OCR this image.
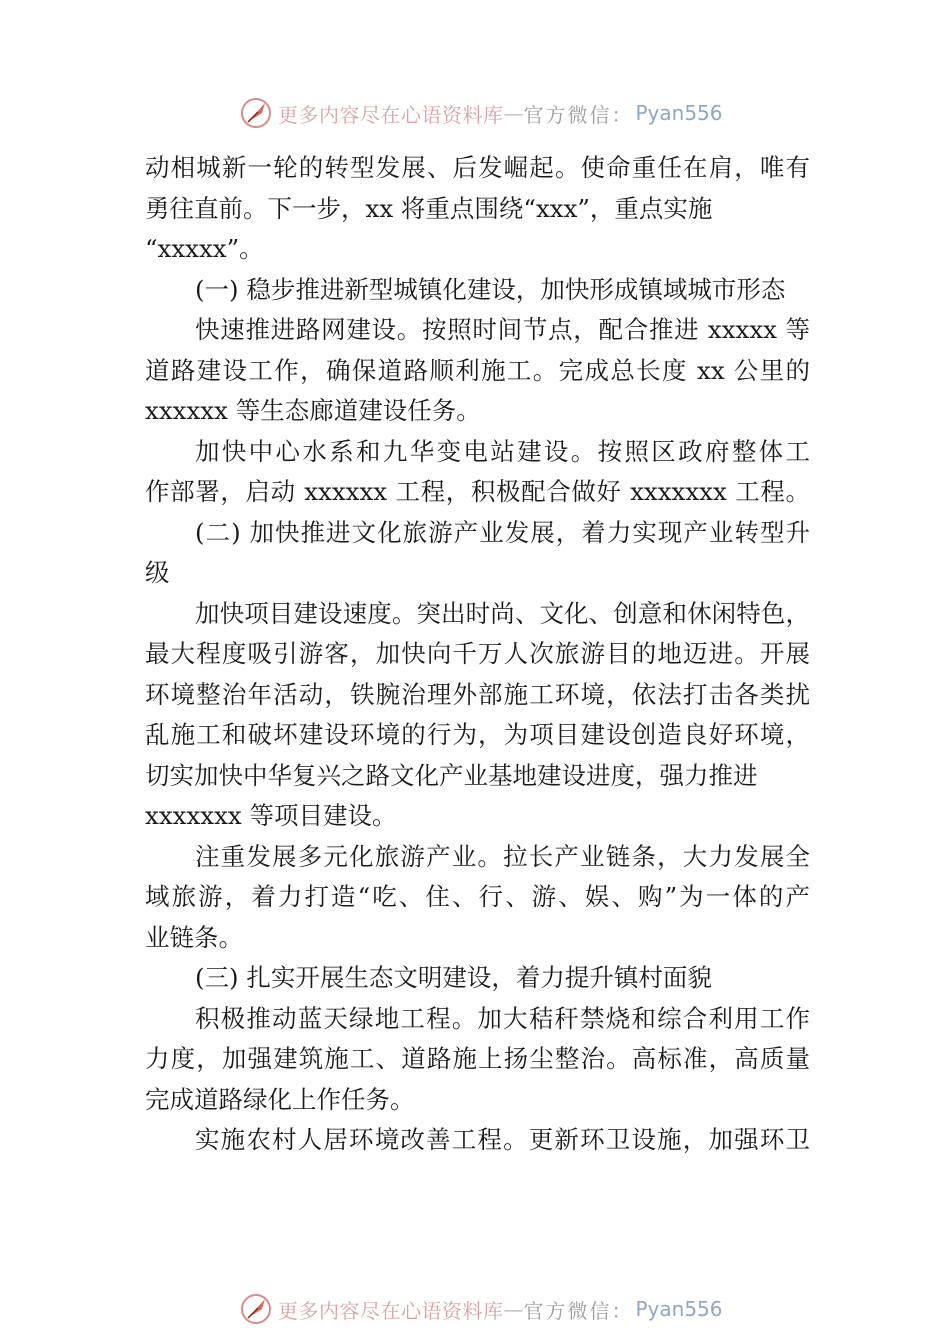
更多内容尽在心语资料库 — 官方微信： Pyan556
动相城新一轮的转型发展、后发崛起。使命重任在肩，唯有
勇往直前。下一步，xx 将重点围绕“xxx”，重点实施
“xxxxx”。
(一) 稳步推进新型城镇化建设，加快形成镇域城市形态
快速推进路网建设。按照时间节点，配合推进 xxxxx 等
道路建设工作，确保道路顺利施工。完成总长度 xx 公里的
xxxxxx 等生态廊道建设任务。
加快中心水系和九华变电站建设。按照区政府整体工
作部署，启动 xxxxxx 工程，积极配合做好 xxxxxxx 工程。
(二) 加快推进文化旅游产业发展，着力实现产业转型升
级
加快项目建设速度。突出时尚、文化、创意和休闲特色，
最大程度吸引游客，加快向千万人次旅游目的地迈进。开展
环境整治年活动，铁腕治理外部施工环境，依法打击各类扰
乱施工和破坏建设环境的行为，为项目建设创造良好环境，
切实加快中华复兴之路文化产业基地建设进度，强力推进
xxxxxxx 等项目建设。
注重发展多元化旅游产业。拉长产业链条，大力发展全
域旅游，着力打造“吃、住、行、游、娱、购”为一体的产
业链条。
(三) 扎实开展生态文明建设，着力提升镇村面貌
积极推动蓝天绿地工程。加大秸秆禁烧和综合利用工作
力度，加强建筑施工、道路施上扬尘整治。高标准，高质量
完成道路绿化上作任务。
实施农村人居环境改善工程。更新环卫设施，加强环卫
更多内容尽在心语资料库 — 官方微信： Pyan556
